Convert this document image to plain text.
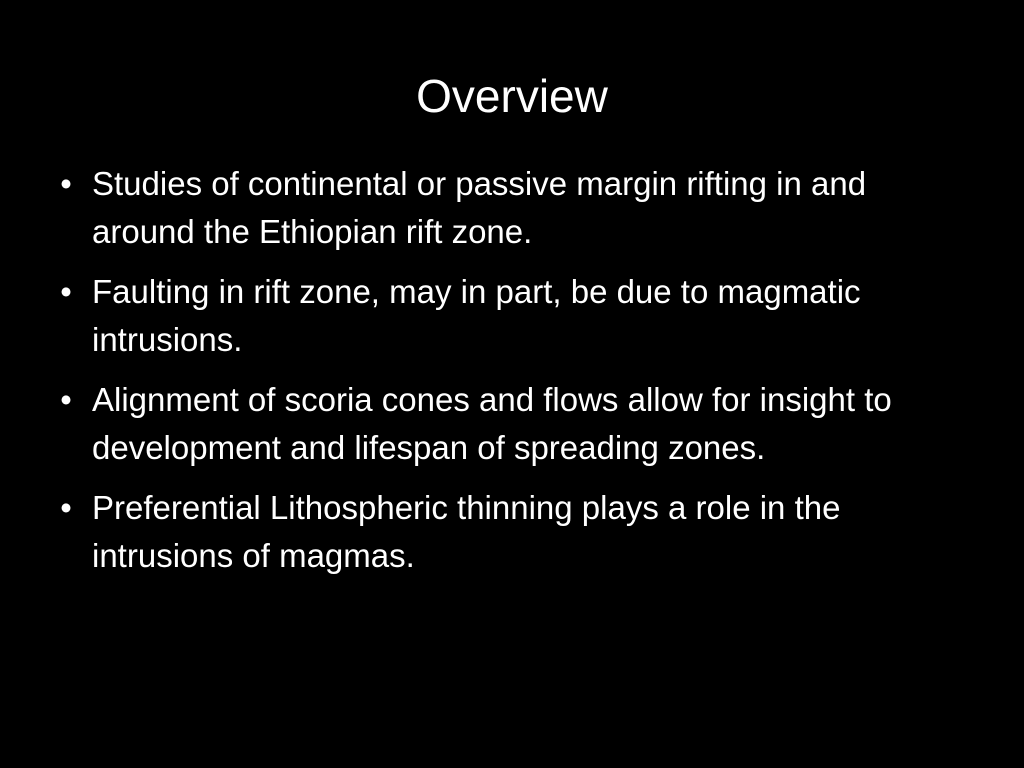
Overview
• Studies of continental or passive margin rifting in and around the Ethiopian rift zone.
• Faulting in rift zone, may in part, be due to magmatic intrusions.
• Alignment of scoria cones and flows allow for insight to development and lifespan of spreading zones.
• Preferential Lithospheric thinning plays a role in the intrusions of magmas.
